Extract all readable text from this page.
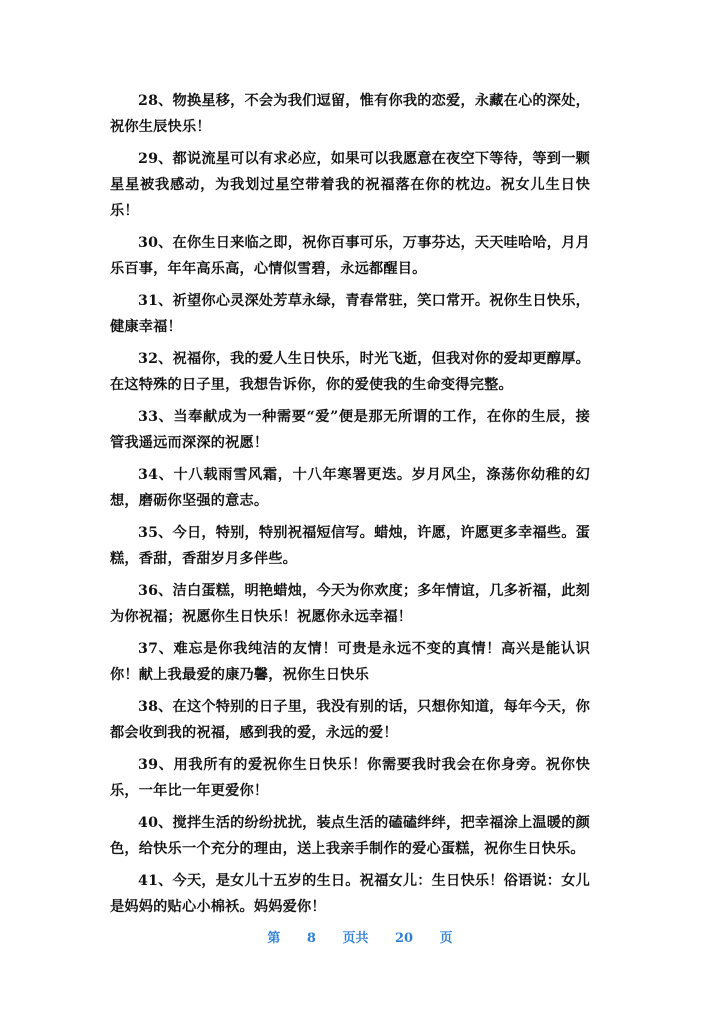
28、物换星移，不会为我们逗留，惟有你我的恋爱，永藏在心的深处，祝你生辰快乐！

29、都说流星可以有求必应，如果可以我愿意在夜空下等待，等到一颗星星被我感动，为我划过星空带着我的祝福落在你的枕边。祝女儿生日快乐！

30、在你生日来临之即，祝你百事可乐，万事芬达，天天哇哈哈，月月乐百事，年年高乐高，心情似雪碧，永远都醒目。

31、祈望你心灵深处芳草永绿，青春常驻，笑口常开。祝你生日快乐，健康幸福！

32、祝福你，我的爱人生日快乐，时光飞逝，但我对你的爱却更醇厚。在这特殊的日子里，我想告诉你，你的爱使我的生命变得完整。

33、当奉献成为一种需要“爱”便是那无所谓的工作，在你的生辰，接管我遥远而深深的祝愿！

34、十八载雨雪风霜，十八年寒署更迭。岁月风尘，涤荡你幼稚的幻想，磨砺你坚强的意志。

35、今日，特别，特别祝福短信写。蜡烛，许愿，许愿更多幸福些。蛋糕，香甜，香甜岁月多伴些。

36、洁白蛋糕，明艳蜡烛，今天为你欢度；多年情谊，几多祈福，此刻为你祝福；祝愿你生日快乐！祝愿你永远幸福！

37、难忘是你我纯洁的友情！可贵是永远不变的真情！高兴是能认识你！献上我最爱的康乃馨，祝你生日快乐

38、在这个特别的日子里，我没有别的话，只想你知道，每年今天，你都会收到我的祝福，感到我的爱，永远的爱！

39、用我所有的爱祝你生日快乐！你需要我时我会在你身旁。祝你快乐，一年比一年更爱你！

40、搅拌生活的纷纷扰扰，装点生活的磕磕绊绊，把幸福涂上温暖的颜色，给快乐一个充分的理由，送上我亲手制作的爱心蛋糕，祝你生日快乐。

41、今天，是女儿十五岁的生日。祝福女儿：生日快乐！俗语说：女儿是妈妈的贴心小棉袄。妈妈爱你！

第 8 页共 20 页
